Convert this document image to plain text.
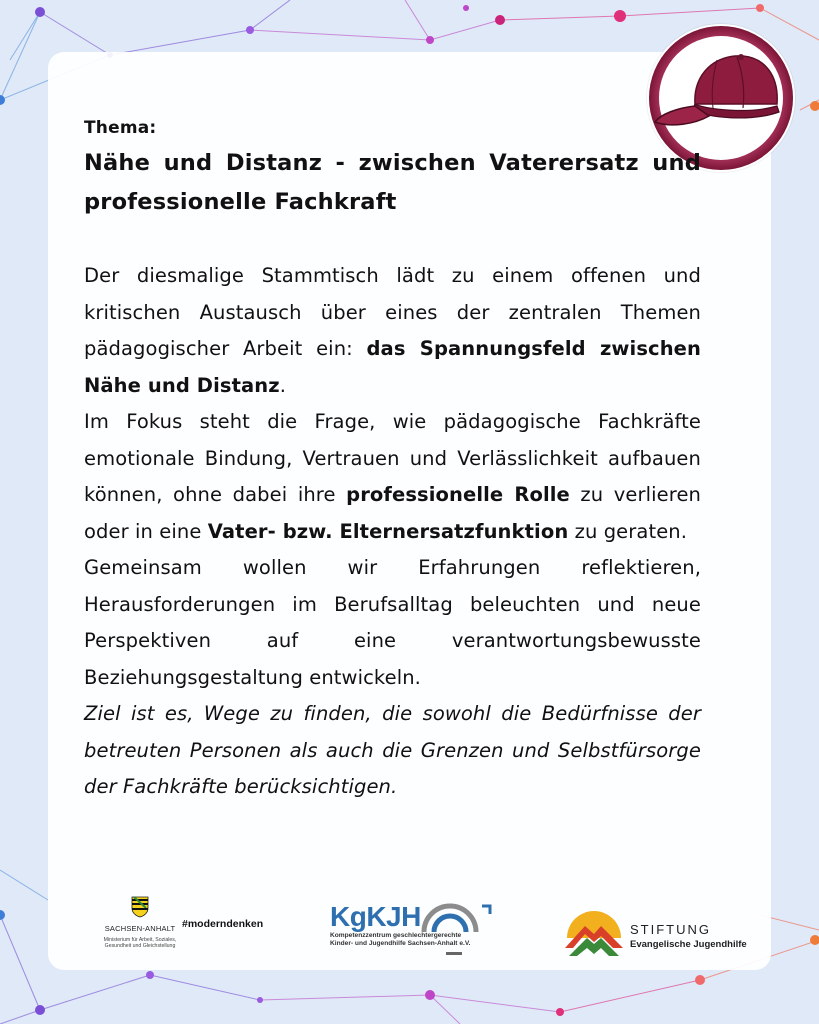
Thema:
Nähe und Distanz - zwischen Vaterersatz und professionelle Fachkraft

Der diesmalige Stammtisch lädt zu einem offenen und kritischen Austausch über eines der zentralen Themen pädagogischer Arbeit ein: das Spannungsfeld zwischen Nähe und Distanz.

Im Fokus steht die Frage, wie pädagogische Fachkräfte emotionale Bindung, Vertrauen und Verlässlichkeit aufbauen können, ohne dabei ihre professionelle Rolle zu verlieren oder in eine Vater- bzw. Elternersatzfunktion zu geraten.

Gemeinsam wollen wir Erfahrungen reflektieren, Herausforderungen im Berufsalltag beleuchten und neue

Perspektiven auf eine verantwortungsbewusste

Beziehungsgestaltung entwickeln.

Ziel ist es, Wege zu finden, die sowohl die Bedürfnisse der betreuten Personen als auch die Grenzen und Selbstfürsorge der Fachkräfte berücksichtigen.

SACHSEN-ANHALT
Ministerium für Arbeit, Soziales, Gesundheit und Gleichstellung
#moderndenken KgKJH
Kompetenzzentrum geschlechtergerechte
Kinder- und Jugendhilfe Sachsen-Anhalt e.V.
STIFTUNG
Evangelische Jugendhilfe
